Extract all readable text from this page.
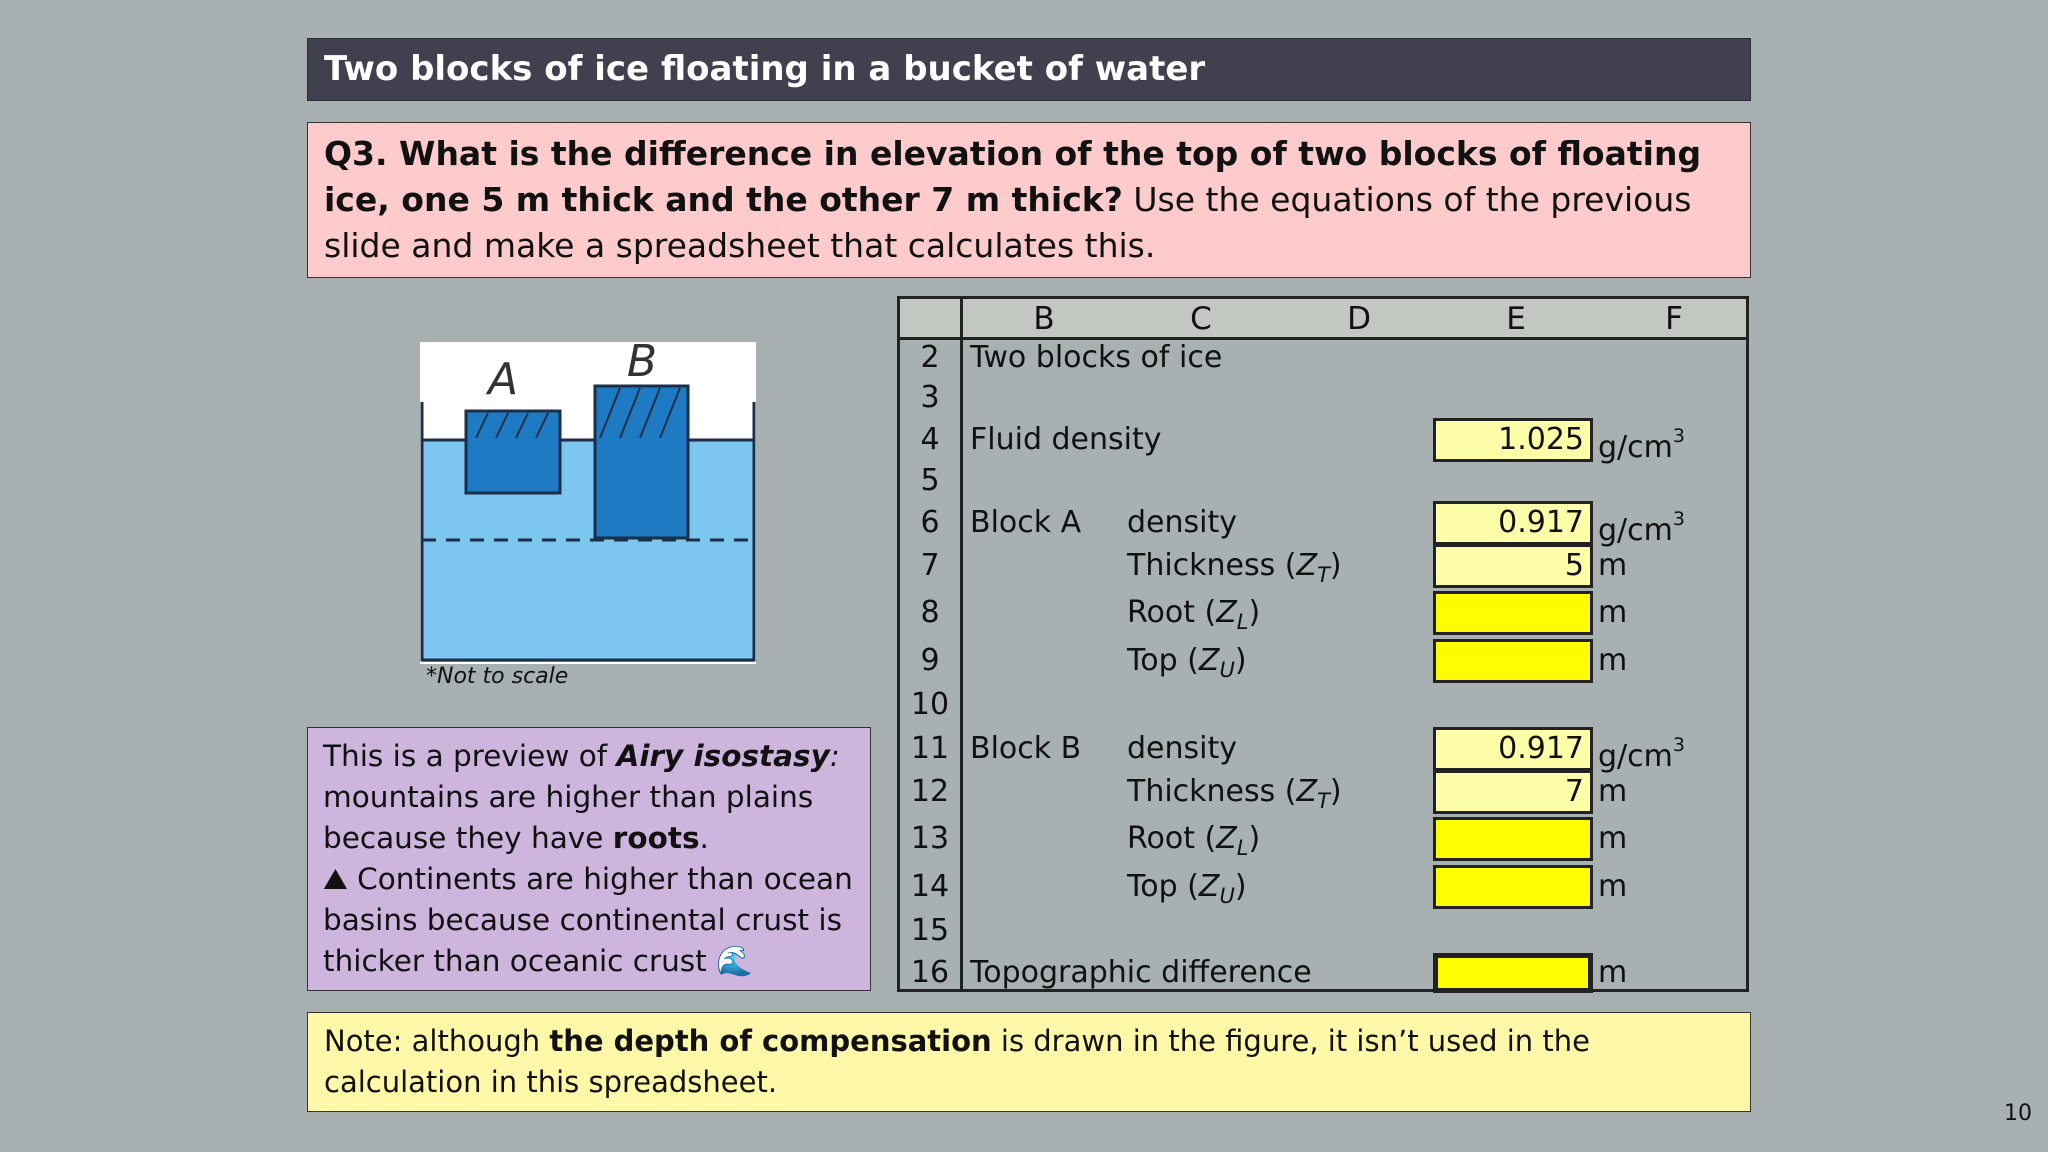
Two blocks of ice floating in a bucket of water
Q3. What is the difference in elevation of the top of two blocks of floating ice, one 5 m thick and the other 7 m thick? Use the equations of the previous slide and make a spreadsheet that calculates this.
A B
*Not to scale
This is a preview of Airy isostasy: mountains are higher than plains because they have roots.
⛰ Continents are higher than ocean basins because continental crust is thicker than oceanic crust 🌊
B	C	D	E	F
2	Two blocks of ice
3
4	Fluid density	1.025 $g/cm^3$
5
6	Block A density	0.917 $g/cm^3$
7	Thickness $(Z_T)$	5 m
8	Root $(Z_L)$	m
9	Top $(Z_U)$	m
10
11 Block B density	0.917 $g/cm^3$
12	Thickness $(Z_T)$	7 m
13	Root $(Z_L)$	m
14	Top $(Z_U)$	m
15
16 Topographic difference	m
Note: although the depth of compensation is drawn in the figure, it isn’t used in the calculation in this spreadsheet.
10
